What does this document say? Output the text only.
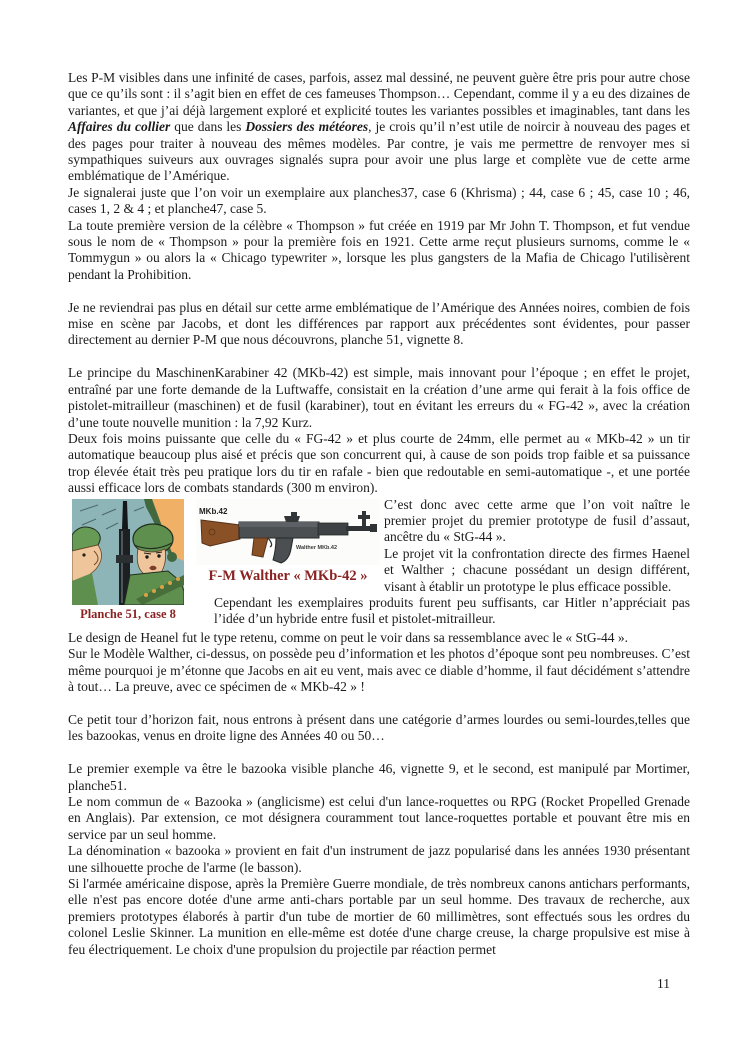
Les P-M visibles dans une infinité de cases, parfois, assez mal dessiné, ne peuvent guère être pris pour autre chose que ce qu’ils sont : il s’agit bien en effet de ces fameuses Thompson… Cependant, comme il y a eu des dizaines de variantes, et que j’ai déjà largement exploré et explicité toutes les variantes possibles et imaginables, tant dans les Affaires du collier que dans les Dossiers des météores, je crois qu’il n’est utile de noircir à nouveau des pages et des pages pour traiter à nouveau des mêmes modèles. Par contre, je vais me permettre de renvoyer mes si sympathiques suiveurs aux ouvrages signalés supra pour avoir une plus large et complète vue de cette arme emblématique de l’Amérique.

Je signalerai juste que l’on voir un exemplaire aux planches37, case 6 (Khrisma) ; 44, case 6 ; 45, case 10 ; 46, cases 1, 2 & 4 ; et planche47, case 5.

La toute première version de la célèbre « Thompson » fut créée en 1919 par Mr John T. Thompson, et fut vendue sous le nom de « Thompson » pour la première fois en 1921. Cette arme reçut plusieurs surnoms, comme le « Tommygun » ou alors la « Chicago typewriter », lorsque les plus gangsters de la Mafia de Chicago l'utilisèrent pendant la Prohibition.

Je ne reviendrai pas plus en détail sur cette arme emblématique de l’Amérique des Années noires, combien de fois mise en scène par Jacobs, et dont les différences par rapport aux précédentes sont évidentes, pour passer directement au dernier P-M que nous découvrons, planche 51, vignette 8.

Le principe du MaschinenKarabiner 42 (MKb-42) est simple, mais innovant pour l’époque ; en effet le projet, entraîné par une forte demande de la Luftwaffe, consistait en la création d’une arme qui ferait à la fois office de pistolet-mitrailleur (maschinen) et de fusil (karabiner), tout en évitant les erreurs du « FG-42 », avec la création d’une toute nouvelle munition : la 7,92 Kurz.

Deux fois moins puissante que celle du « FG-42 » et plus courte de 24mm, elle permet au « MKb-42 » un tir automatique beaucoup plus aisé et précis que son concurrent qui, à cause de son poids trop faible et sa puissance trop élevée était très peu pratique lors du tir en rafale - bien que redoutable en semi-automatique -, et une portée aussi efficace lors de combats standards (300 m environ).

Planche 51, case 8
MKb.42
Walther MKb.42
F-M Walther « MKb-42 »

C’est donc avec cette arme que l’on voit naître le premier projet du premier prototype de fusil d’assaut, ancêtre du « StG-44 ».

Le projet vit la confrontation directe des firmes Haenel et Walther ; chacune possédant un design différent, visant à établir un prototype le plus efficace possible.

Cependant les exemplaires produits furent peu suffisants, car Hitler n’appréciait pas l’idée d’un hybride entre fusil et pistolet-mitrailleur.

Le design de Heanel fut le type retenu, comme on peut le voir dans sa ressemblance avec le « StG-44 ».

Sur le Modèle Walther, ci-dessus, on possède peu d’information et les photos d’époque sont peu nombreuses. C’est même pourquoi je m’étonne que Jacobs en ait eu vent, mais avec ce diable d’homme, il faut décidément s’attendre à tout… La preuve, avec ce spécimen de « MKb-42 » !

Ce petit tour d’horizon fait, nous entrons à présent dans une catégorie d’armes lourdes ou semi-lourdes,telles que les bazookas, venus en droite ligne des Années 40 ou 50…

Le premier exemple va être le bazooka visible planche 46, vignette 9, et le second, est manipulé par Mortimer, planche51.

Le nom commun de « Bazooka » (anglicisme) est celui d'un lance-roquettes ou RPG (Rocket Propelled Grenade en Anglais). Par extension, ce mot désignera couramment tout lance-roquettes portable et pouvant être mis en service par un seul homme.

La dénomination « bazooka » provient en fait d'un instrument de jazz popularisé dans les années 1930 présentant une silhouette proche de l'arme (le basson).

Si l'armée américaine dispose, après la Première Guerre mondiale, de très nombreux canons antichars performants, elle n'est pas encore dotée d'une arme anti-chars portable par un seul homme. Des travaux de recherche, aux premiers prototypes élaborés à partir d'un tube de mortier de 60 millimètres, sont effectués sous les ordres du colonel Leslie Skinner. La munition en elle-même est dotée d'une charge creuse, la charge propulsive est mise à feu électriquement. Le choix d'une propulsion du projectile par réaction permet

11
